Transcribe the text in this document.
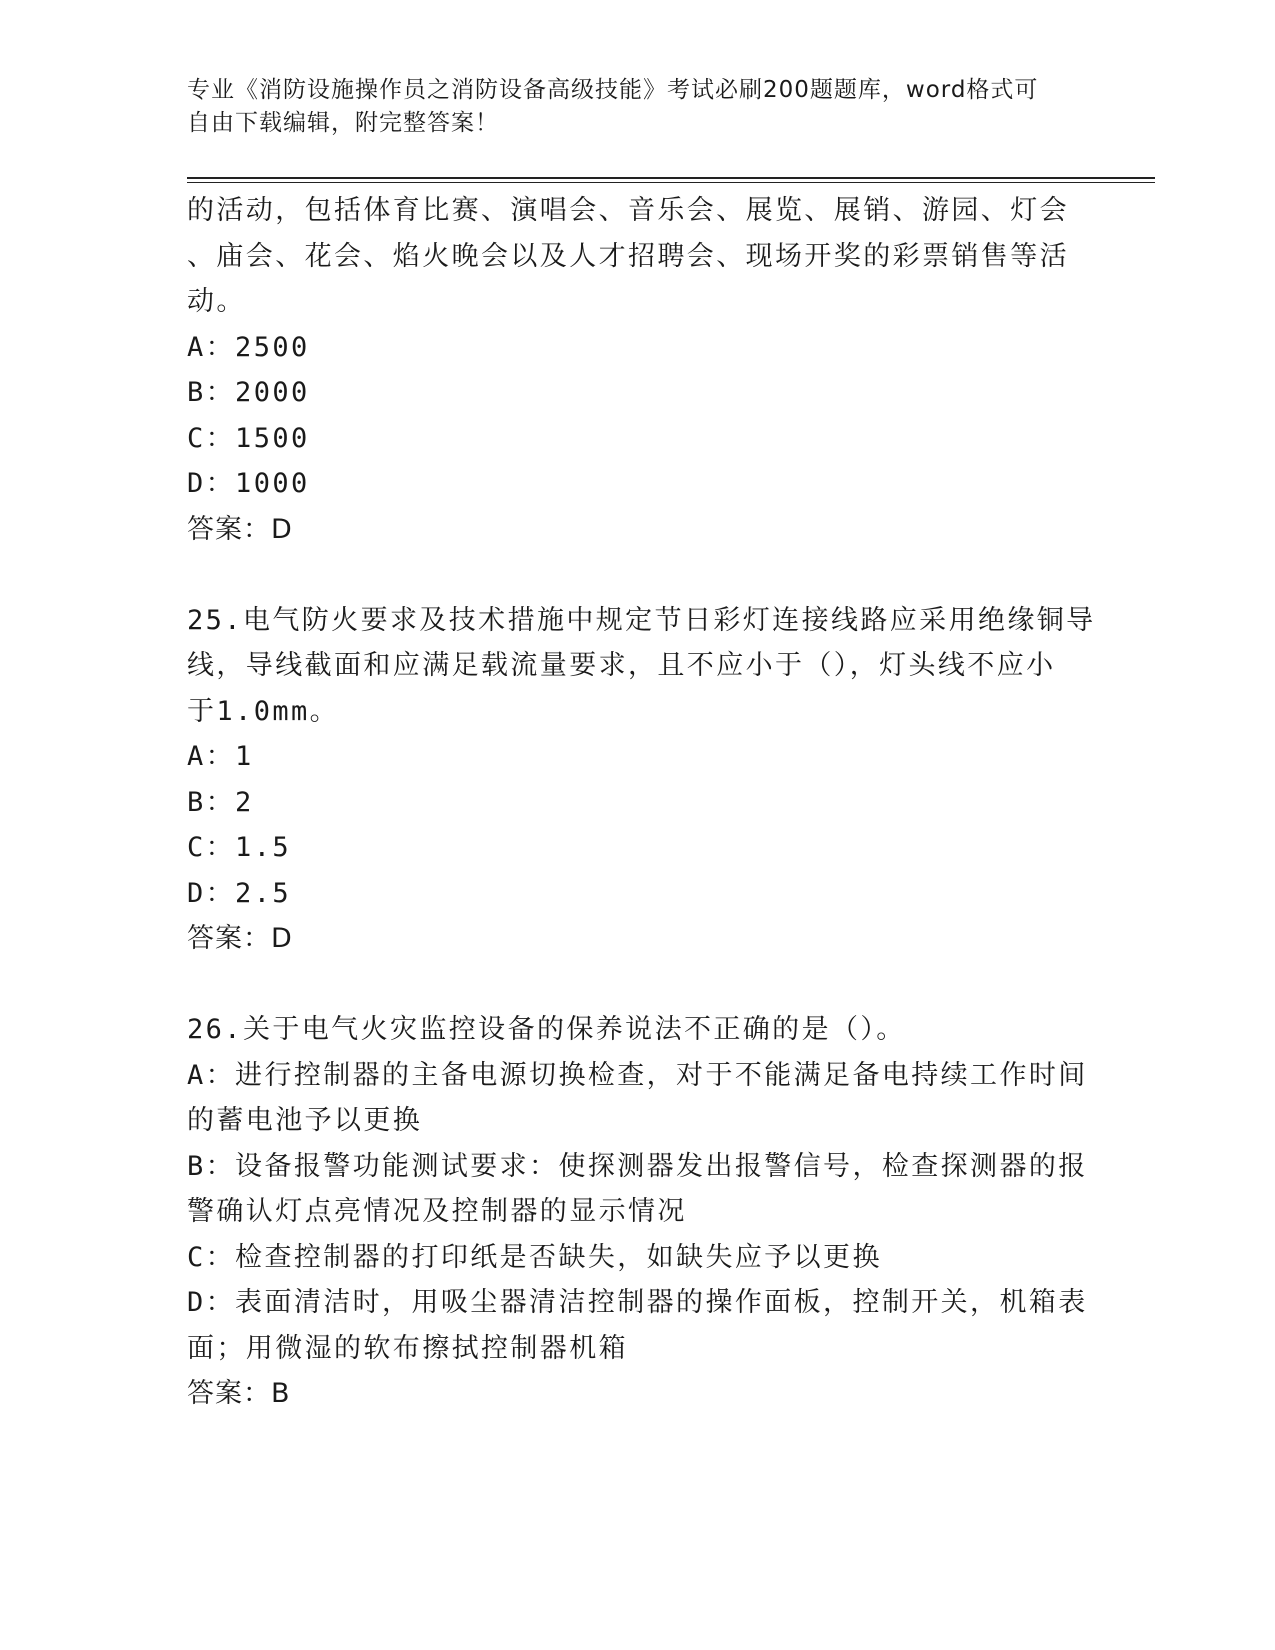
专业《消防设施操作员之消防设备高级技能》考试必刷200题题库，word格式可
自由下载编辑，附完整答案！
的活动，包括体育比赛、演唱会、音乐会、展览、展销、游园、灯会
、庙会、花会、焰火晚会以及人才招聘会、现场开奖的彩票销售等活
动。
A：2500
B：2000
C：1500
D：1000
答案：D
25.电气防火要求及技术措施中规定节日彩灯连接线路应采用绝缘铜导
线，导线截面和应满足载流量要求，且不应小于（），灯头线不应小
于1.0mm。
A：1
B：2
C：1.5
D：2.5
答案：D
26.关于电气火灾监控设备的保养说法不正确的是（）。
A：进行控制器的主备电源切换检查，对于不能满足备电持续工作时间
的蓄电池予以更换
B：设备报警功能测试要求：使探测器发出报警信号，检查探测器的报
警确认灯点亮情况及控制器的显示情况
C：检查控制器的打印纸是否缺失，如缺失应予以更换
D：表面清洁时，用吸尘器清洁控制器的操作面板，控制开关，机箱表
面；用微湿的软布擦拭控制器机箱
答案：B
